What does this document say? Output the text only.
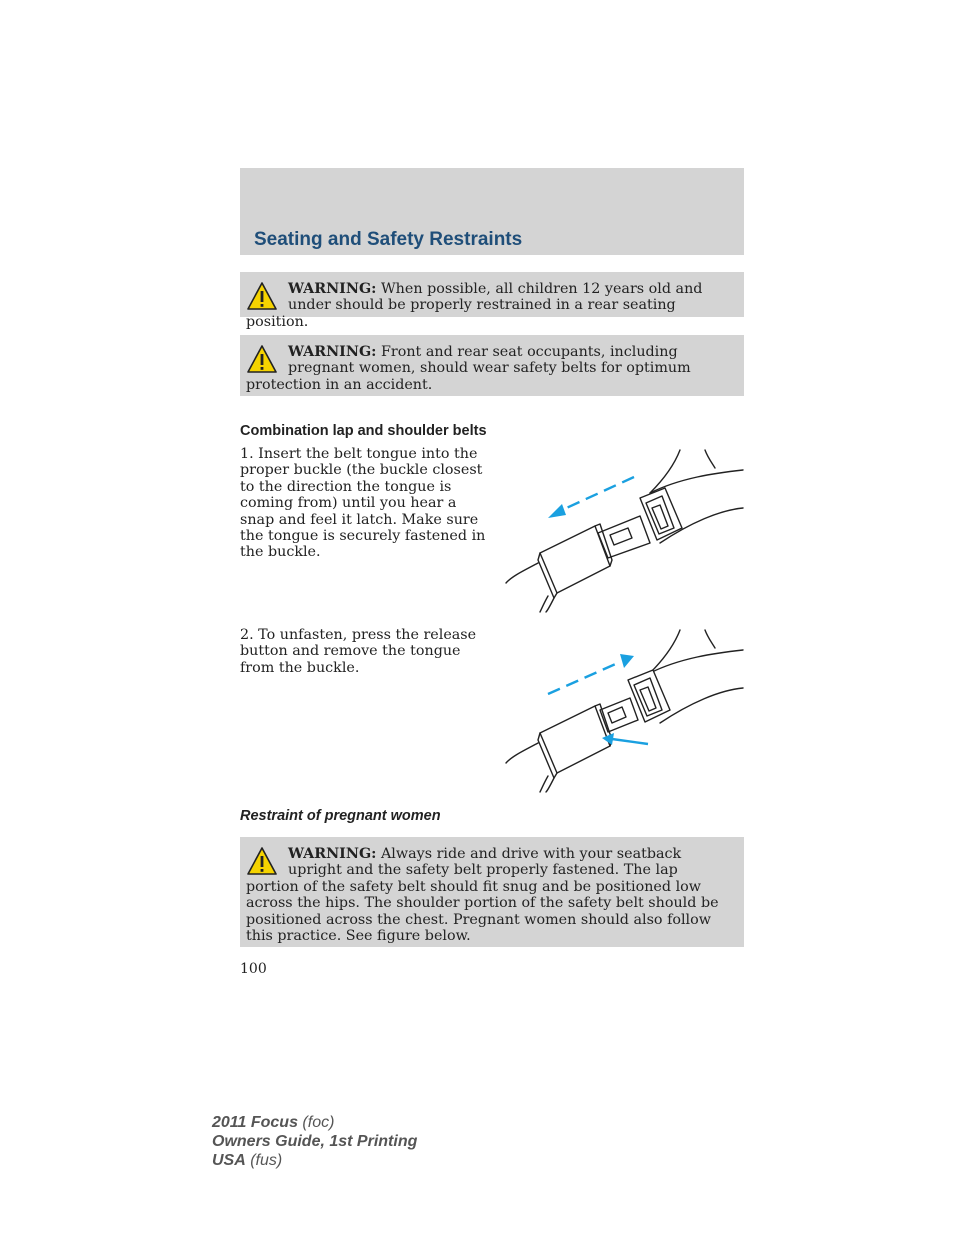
Seating and Safety Restraints
WARNING: When possible, all children 12 years old and under should be properly restrained in a rear seating position.
WARNING: Front and rear seat occupants, including pregnant women, should wear safety belts for optimum protection in an accident.
Combination lap and shoulder belts

1. Insert the belt tongue into the proper buckle (the buckle closest to the direction the tongue is coming from) until you hear a snap and feel it latch. Make sure the tongue is securely fastened in the buckle.

2. To unfasten, press the release button and remove the tongue from the buckle.

Restraint of pregnant women
WARNING: Always ride and drive with your seatback upright and the safety belt properly fastened. The lap portion of the safety belt should fit snug and be positioned low across the hips. The shoulder portion of the safety belt should be positioned across the chest. Pregnant women should also follow this practice. See figure below.

100

2011 Focus (foc)
Owners Guide, 1st Printing
USA (fus)
